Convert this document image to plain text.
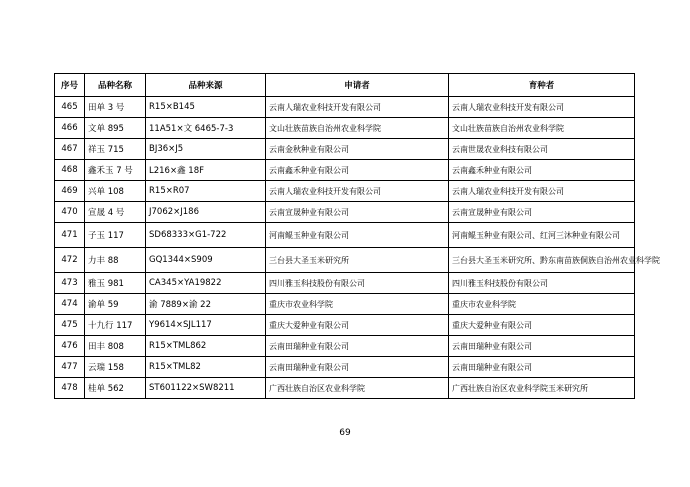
序号	品种名称	品种来源	申请者	育种者
465	田单 3 号	R15×B145	云南人瑞农业科技开发有限公司	云南人瑞农业科技开发有限公司
466	文单 895	11A51×文 6465-7-3	文山壮族苗族自治州农业科学院	文山壮族苗族自治州农业科学院
467	祥玉 715	BJ36×J5	云南金秋种业有限公司	云南世晟农业科技有限公司
468	鑫禾玉 7 号	L216×鑫 18F	云南鑫禾种业有限公司	云南鑫禾种业有限公司
469	兴单 108	R15×R07	云南人瑞农业科技开发有限公司	云南人瑞农业科技开发有限公司
470	宣晟 4 号	J7062×J186	云南宣晟种业有限公司	云南宣晟种业有限公司
471	子玉 117	SD68333×G1-722	河南鲲玉种业有限公司	河南鲲玉种业有限公司、红河三沐种业有限公司
472	力丰 88	GQ1344×S909	三台县大圣玉米研究所	三台县大圣玉米研究所、黔东南苗族侗族自治州农业科学院
473	雅玉 981	CA345×YA19822	四川雅玉科技股份有限公司	四川雅玉科技股份有限公司
474	渝单 59	渝 7889×渝 22	重庆市农业科学院	重庆市农业科学院
475	十九行 117	Y9614×SJL117	重庆大爱种业有限公司	重庆大爱种业有限公司
476	田丰 808	R15×TML862	云南田瑞种业有限公司	云南田瑞种业有限公司
477	云瑞 158	R15×TML82	云南田瑞种业有限公司	云南田瑞种业有限公司
478	桂单 562	ST601122×SW8211	广西壮族自治区农业科学院	广西壮族自治区农业科学院玉米研究所
69
